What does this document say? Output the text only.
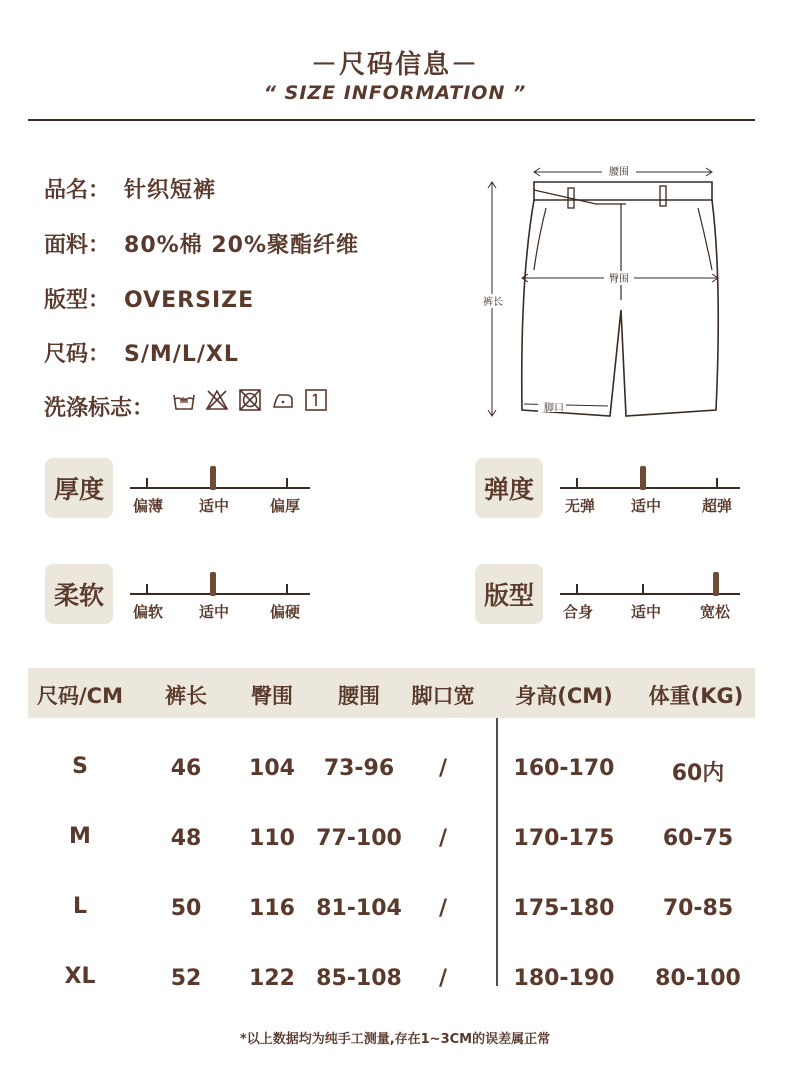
－尺码信息－
“ SIZE INFORMATION ”
品名： 针织短裤
面料： 80%棉 20%聚酯纤维
版型： OVERSIZE
尺码： S/M/L/XL
洗涤标志：
裤长
腰围
臀围
脚口
厚度
偏薄 适中	偏厚
弹度
无弹 适中	超弹
柔软
偏软 适中	偏硬
版型
合身	适中	宽松
尺码/CM 裤长 臀围 腰围 脚口宽 身高(CM) 体重(KG)
S	46 104 73-96 /	160-170	60内
M	48 110 77-100 /	170-175 60-75
L	50 116 81-104 /	175-180 70-85
XL	52 122 85-108 /	180-190 80-100
*以上数据均为纯手工测量,存在1~3CM的误差属正常
